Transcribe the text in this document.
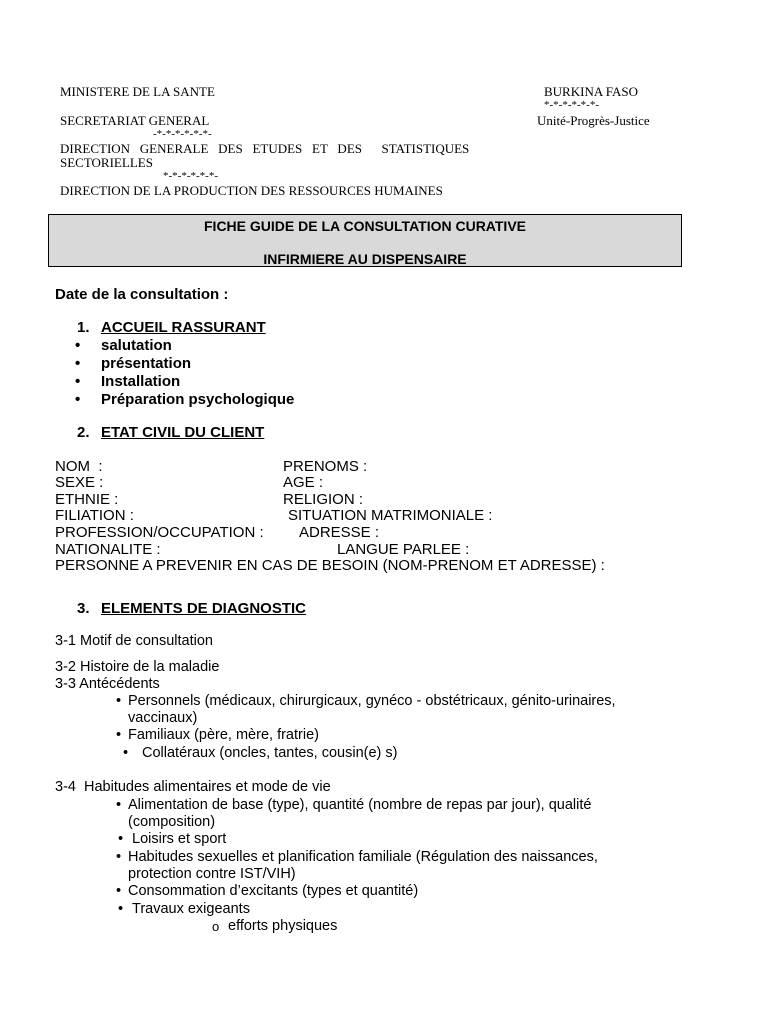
MINISTERE DE LA SANTE	BURKINA FASO
*-*-*-*-*-*-
SECRETARIAT GENERAL	Unité-Progrès-Justice
-*-*-*-*-*-*-
DIRECTION   GENERALE   DES   ETUDES   ET   DES      STATISTIQUES
SECTORIELLES
*-*-*-*-*-*-
DIRECTION DE LA PRODUCTION DES RESSOURCES HUMAINES
FICHE GUIDE DE LA CONSULTATION CURATIVE
INFIRMIERE AU DISPENSAIRE
Date de la consultation :
1. ACCUEIL RASSURANT
• salutation
• présentation
• Installation
• Préparation psychologique
2. ETAT CIVIL DU CLIENT
NOM  :	PRENOMS :
SEXE :	AGE :
ETHNIE :	RELIGION :
FILIATION :	SITUATION MATRIMONIALE :
PROFESSION/OCCUPATION : ADRESSE :
NATIONALITE :	LANGUE PARLEE :
PERSONNE A PREVENIR EN CAS DE BESOIN (NOM-PRENOM ET ADRESSE) :
3. ELEMENTS DE DIAGNOSTIC
3-1 Motif de consultation
3-2 Histoire de la maladie
3-3 Antécédents
• Personnels (médicaux, chirurgicaux, gynéco - obstétricaux, génito-urinaires,
vaccinaux)
• Familiaux (père, mère, fratrie)
• Collatéraux (oncles, tantes, cousin(e) s)
3-4  Habitudes alimentaires et mode de vie
• Alimentation de base (type), quantité (nombre de repas par jour), qualité
(composition)
• Loisirs et sport
• Habitudes sexuelles et planification familiale (Régulation des naissances,
protection contre IST/VIH)
• Consommation d’excitants (types et quantité)
• Travaux exigeants
o efforts physiques
